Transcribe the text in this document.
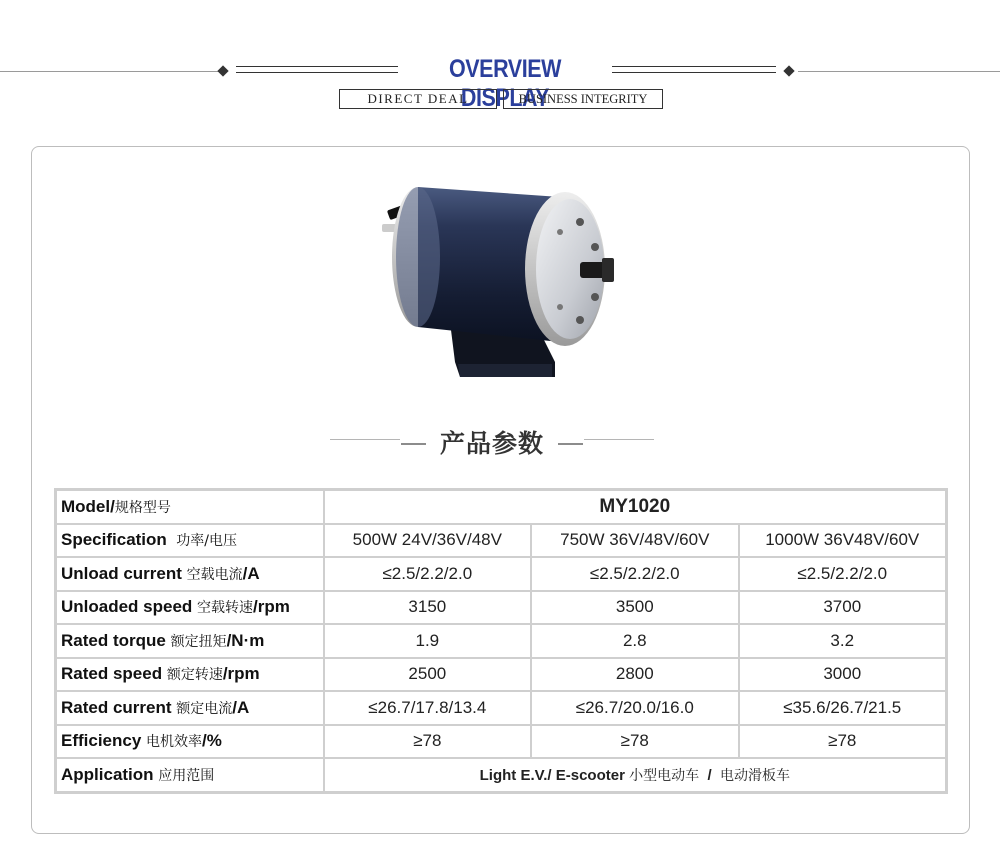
OVERVIEW DISPLAY
DIRECT DEAL	BUSINESS INTEGRITY
产品参数
Model/规格型号	MY1020		
Specification 功率/电压	500W 24V/36V/48V	750W 36V/48V/60V	1000W 36V48V/60V
Unload current 空载电流/A	≤2.5/2.2/2.0	≤2.5/2.2/2.0	≤2.5/2.2/2.0
Unloaded speed 空载转速/rpm	3150	3500	3700
Rated torque 额定扭矩/N·m	1.9	2.8	3.2
Rated speed 额定转速/rpm	2500	2800	3000
Rated current 额定电流/A	≤26.7/17.8/13.4	≤26.7/20.0/16.0	≤35.6/26.7/21.5
Efficiency 电机效率/%	≥78	≥78	≥78
Application 应用范围	Light E.V./ E-scooter 小型电动车 / 电动滑板车		
